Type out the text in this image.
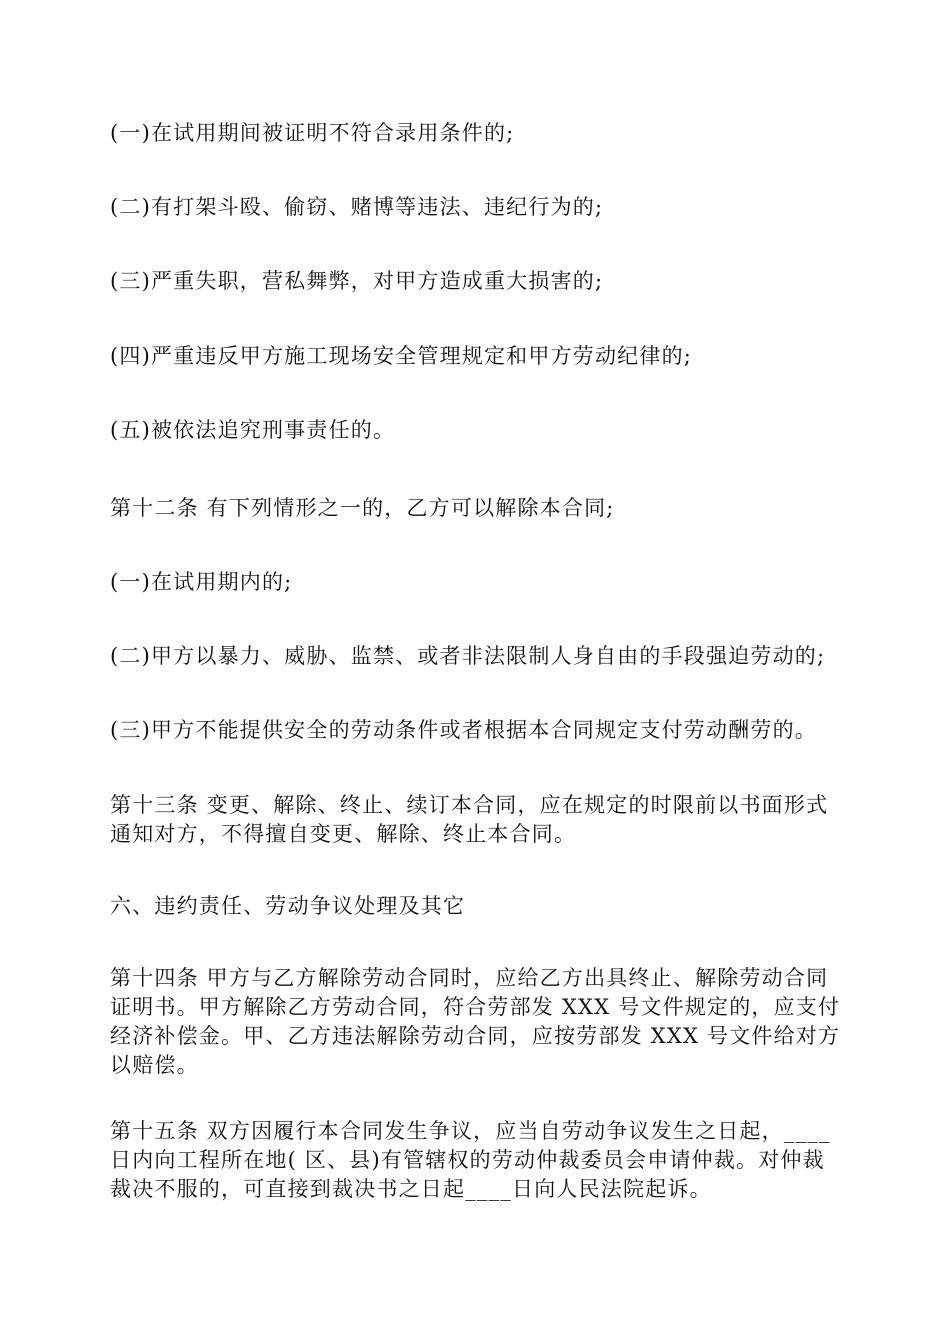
(一)在试用期间被证明不符合录用条件的;

(二)有打架斗殴、偷窃、赌博等违法、违纪行为的;

(三)严重失职，营私舞弊，对甲方造成重大损害的;

(四)严重违反甲方施工现场安全管理规定和甲方劳动纪律的;

(五)被依法追究刑事责任的。

第十二条 有下列情形之一的，乙方可以解除本合同;

(一)在试用期内的;

(二)甲方以暴力、威胁、监禁、或者非法限制人身自由的手段强迫劳动的;

(三)甲方不能提供安全的劳动条件或者根据本合同规定支付劳动酬劳的。

第十三条 变更、解除、终止、续订本合同，应在规定的时限前以书面形式
通知对方，不得擅自变更、解除、终止本合同。

六、违约责任、劳动争议处理及其它

第十四条 甲方与乙方解除劳动合同时，应给乙方出具终止、解除劳动合同
证明书。甲方解除乙方劳动合同，符合劳部发 XXX 号文件规定的，应支付
经济补偿金。甲、乙方违法解除劳动合同，应按劳部发 XXX 号文件给对方
以赔偿。

第十五条 双方因履行本合同发生争议，应当自劳动争议发生之日起，____
日内向工程所在地( 区、县)有管辖权的劳动仲裁委员会申请仲裁。对仲裁
裁决不服的，可直接到裁决书之日起____日向人民法院起诉。
